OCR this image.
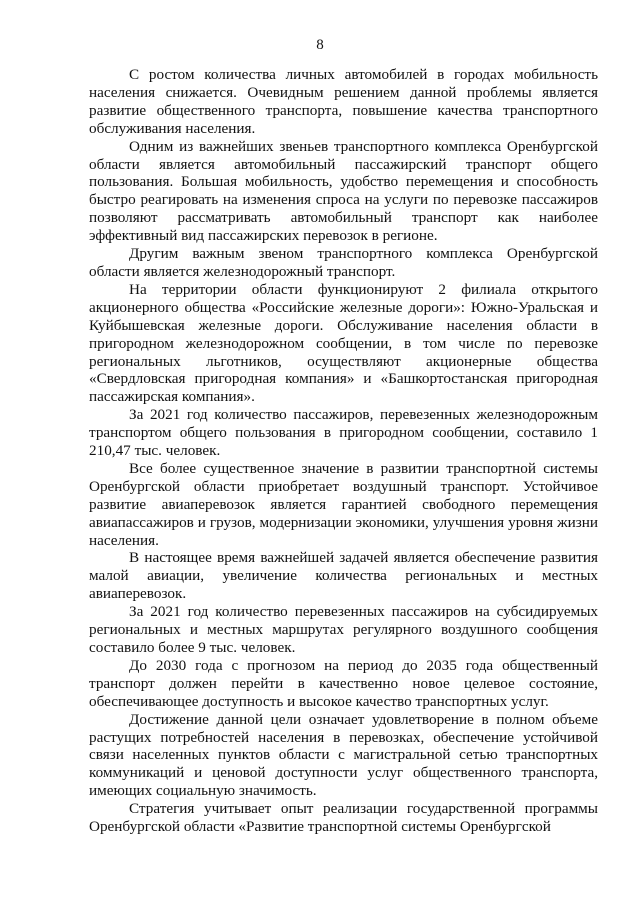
8

С ростом количества личных автомобилей в городах мобильность населения снижается. Очевидным решением данной проблемы является развитие общественного транспорта, повышение качества транспортного обслуживания населения.

Одним из важнейших звеньев транспортного комплекса Оренбургской области является автомобильный пассажирский транспорт общего пользования. Большая мобильность, удобство перемещения и способность быстро реагировать на изменения спроса на услуги по перевозке пассажиров позволяют рассматривать автомобильный транспорт как наиболее эффективный вид пассажирских перевозок в регионе.

Другим важным звеном транспортного комплекса Оренбургской области является железнодорожный транспорт.

На территории области функционируют 2 филиала открытого акционерного общества «Российские железные дороги»: Южно-Уральская и Куйбышевская железные дороги. Обслуживание населения области в пригородном железнодорожном сообщении, в том числе по перевозке региональных льготников, осуществляют акционерные общества «Свердловская пригородная компания» и «Башкортостанская пригородная пассажирская компания».

За 2021 год количество пассажиров, перевезенных железнодорожным транспортом общего пользования в пригородном сообщении, составило 1 210,47 тыс. человек.

Все более существенное значение в развитии транспортной системы Оренбургской области приобретает воздушный транспорт. Устойчивое развитие авиаперевозок является гарантией свободного перемещения авиапассажиров и грузов, модернизации экономики, улучшения уровня жизни населения.

В настоящее время важнейшей задачей является обеспечение развития малой авиации, увеличение количества региональных и местных авиаперевозок.

За 2021 год количество перевезенных пассажиров на субсидируемых региональных и местных маршрутах регулярного воздушного сообщения составило более 9 тыс. человек.

До 2030 года с прогнозом на период до 2035 года общественный транспорт должен перейти в качественно новое целевое состояние, обеспечивающее доступность и высокое качество транспортных услуг.

Достижение данной цели означает удовлетворение в полном объеме растущих потребностей населения в перевозках, обеспечение устойчивой связи населенных пунктов области с магистральной сетью транспортных коммуникаций и ценовой доступности услуг общественного транспорта, имеющих социальную значимость.

Стратегия учитывает опыт реализации государственной программы Оренбургской области «Развитие транспортной системы Оренбургской
